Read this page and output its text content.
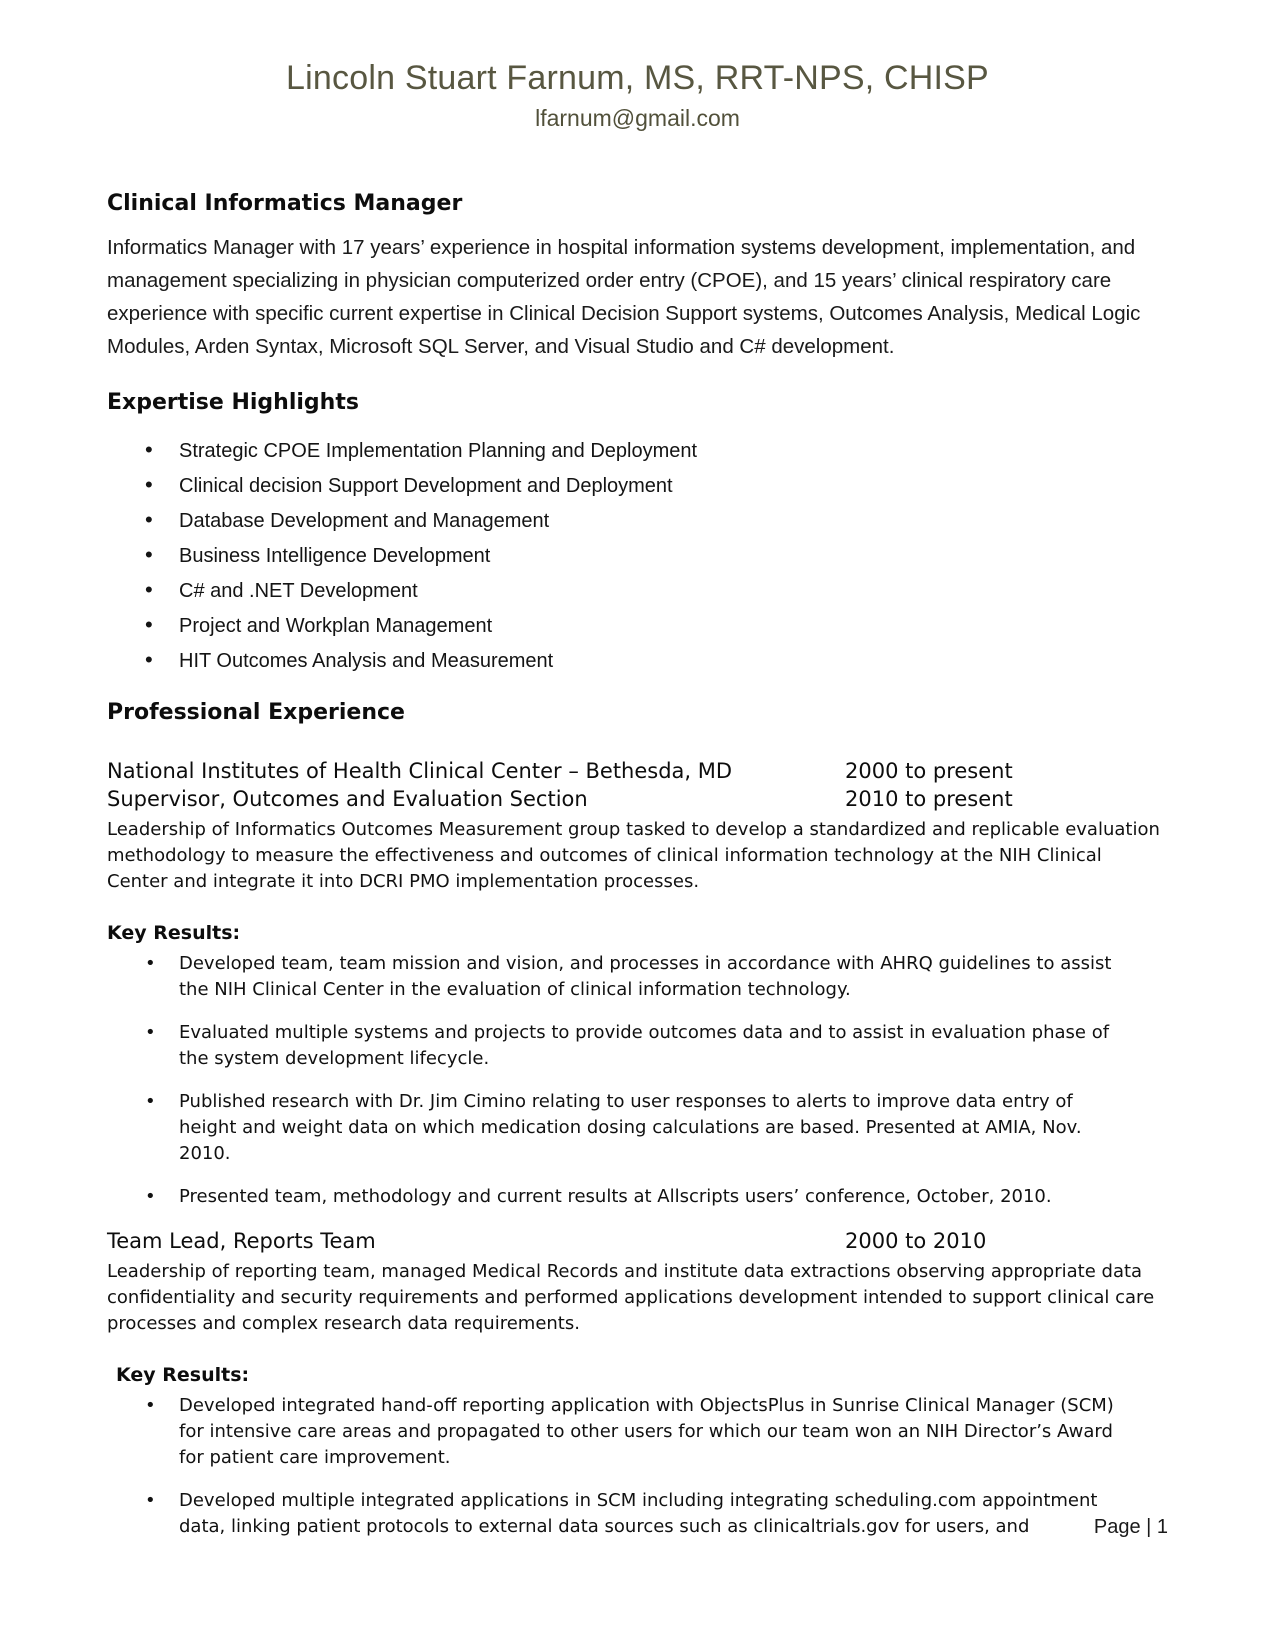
Lincoln Stuart Farnum, MS, RRT-NPS, CHISP
lfarnum@gmail.com
Clinical Informatics Manager

Informatics Manager with 17 years’ experience in hospital information systems development, implementation, and management specializing in physician computerized order entry (CPOE), and 15 years’ clinical respiratory care experience with specific current expertise in Clinical Decision Support systems, Outcomes Analysis, Medical Logic Modules, Arden Syntax, Microsoft SQL Server, and Visual Studio and C# development.

Expertise Highlights
• Strategic CPOE Implementation Planning and Deployment
• Clinical decision Support Development and Deployment
• Database Development and Management
• Business Intelligence Development
• C# and .NET Development
• Project and Workplan Management
• HIT Outcomes Analysis and Measurement
Professional Experience
National Institutes of Health Clinical Center – Bethesda, MD	2000 to present
Supervisor, Outcomes and Evaluation Section	2010 to present

Leadership of Informatics Outcomes Measurement group tasked to develop a standardized and replicable evaluation methodology to measure the effectiveness and outcomes of clinical information technology at the NIH Clinical Center and integrate it into DCRI PMO implementation processes.

Key Results:
• Developed team, team mission and vision, and processes in accordance with AHRQ guidelines to assist the NIH Clinical Center in the evaluation of clinical information technology.
• Evaluated multiple systems and projects to provide outcomes data and to assist in evaluation phase of the system development lifecycle.
• Published research with Dr. Jim Cimino relating to user responses to alerts to improve data entry of height and weight data on which medication dosing calculations are based. Presented at AMIA, Nov. 2010.
• Presented team, methodology and current results at Allscripts users’ conference, October, 2010.
Team Lead, Reports Team	2000 to 2010

Leadership of reporting team, managed Medical Records and institute data extractions observing appropriate data confidentiality and security requirements and performed applications development intended to support clinical care processes and complex research data requirements.

Key Results:
• Developed integrated hand-off reporting application with ObjectsPlus in Sunrise Clinical Manager (SCM) for intensive care areas and propagated to other users for which our team won an NIH Director’s Award for patient care improvement.
• Developed multiple integrated applications in SCM including integrating scheduling.com appointment data, linking patient protocols to external data sources such as clinicaltrials.gov for users, and	Page | 1
